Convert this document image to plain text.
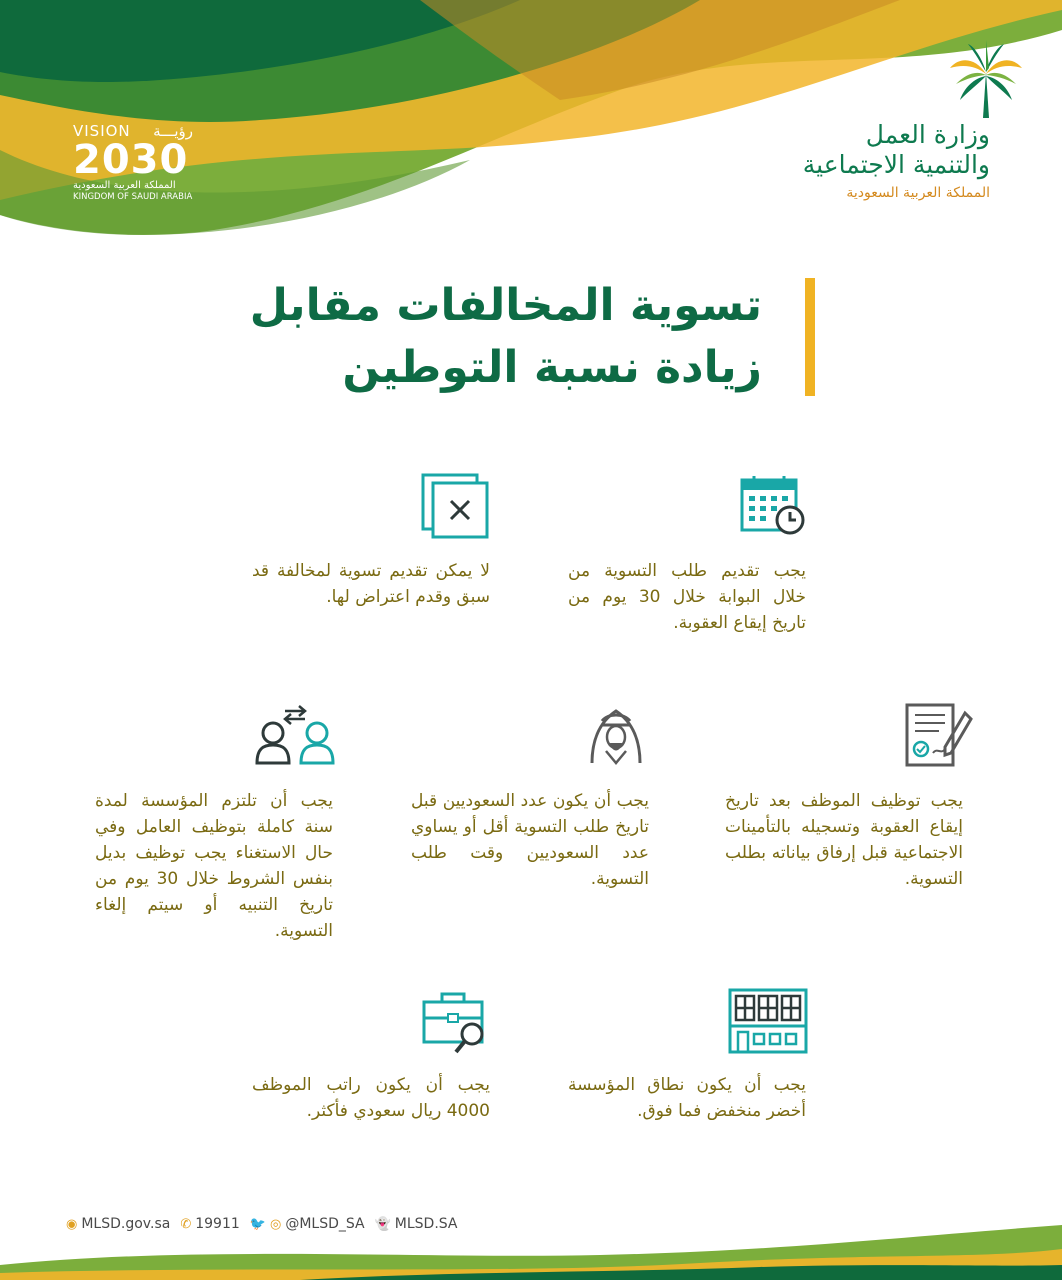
وزارة العمل
والتنمية الاجتماعية
المملكة العربية السعودية
VISION رؤيـــة
2030
المملكة العربية السعودية
KINGDOM OF SAUDI ARABIA
تسوية المخالفات مقابل
زيادة نسبة التوطين
يجب تقديم طلب التسوية من خلال البوابة خلال 30 يوم من تاريخ إيقاع العقوبة.
لا يمكن تقديم تسوية لمخالفة قد سبق وقدم اعتراض لها.
يجب توظيف الموظف بعد تاريخ إيقاع العقوبة وتسجيله بالتأمينات الاجتماعية قبل إرفاق بياناته بطلب التسوية.
يجب أن يكون عدد السعوديين قبل تاريخ طلب التسوية أقل أو يساوي عدد السعوديين وقت طلب التسوية.
يجب أن تلتزم المؤسسة لمدة سنة كاملة بتوظيف العامل وفي حال الاستغناء يجب توظيف بديل بنفس الشروط خلال 30 يوم من تاريخ التنبيه أو سيتم إلغاء التسوية.
يجب أن يكون نطاق المؤسسة أخضر منخفض فما فوق.
يجب أن يكون راتب الموظف 4000 ريال سعودي فأكثر.
◉ MLSD.gov.sa ✆ 19911 🐦 ◎ @MLSD_SA 👻 MLSD.SA
